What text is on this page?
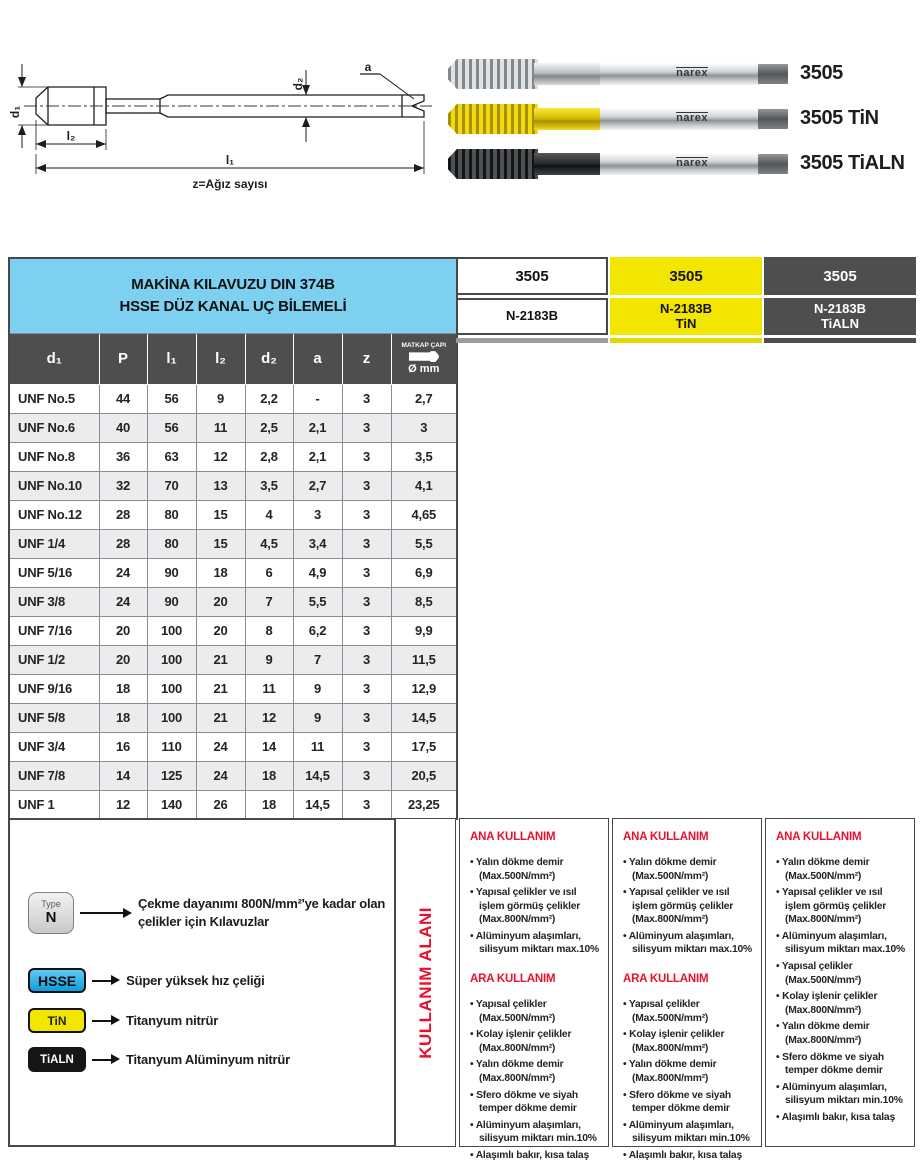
d₁
l₂
l₁
d₂
a
z=Ağız sayısı
narex	3505
narex	3505 TiN
narex	3505 TiALN
MAKİNA KILAVUZU DIN 374B
HSSE DÜZ KANAL UÇ BİLEMELİ							

d₁	P	l₁	l₂	d₂	a	z	MATKAP ÇAPI
Ø mm

UNF No.5	44	56	9	2,2	-	3	2,7
UNF No.6	40	56	11	2,5	2,1	3	3
UNF No.8	36	63	12	2,8	2,1	3	3,5
UNF No.10	32	70	13	3,5	2,7	3	4,1
UNF No.12	28	80	15	4	3	3	4,65
UNF 1/4	28	80	15	4,5	3,4	3	5,5
UNF 5/16	24	90	18	6	4,9	3	6,9
UNF 3/8	24	90	20	7	5,5	3	8,5
UNF 7/16	20	100	20	8	6,2	3	9,9
UNF 1/2	20	100	21	9	7	3	11,5
UNF 9/16	18	100	21	11	9	3	12,9
UNF 5/8	18	100	21	12	9	3	14,5
UNF 3/4	16	110	24	14	11	3	17,5
UNF 7/8	14	125	24	18	14,5	3	20,5
UNF 1	12	140	26	18	14,5	3	23,25
3505
N-2183B
3505
N-2183B
TiN
3505
N-2183B
TiALN
Type
N
Çekme dayanımı 800N/mm²'ye kadar olan çelikler için Kılavuzlar
HSSE	Süper yüksek hız çeliği
TiN	Titanyum nitrür
TiALN	Titanyum Alüminyum nitrür
KULLANIM ALANI
ANA KULLANIM
• Yalın dökme demir (Max.500N/mm²)
• Yapısal çelikler ve ısıl işlem görmüş çelikler (Max.800N/mm²)
• Alüminyum alaşımları, silisyum miktarı max.10%
ARA KULLANIM
• Yapısal çelikler (Max.500N/mm²)
• Kolay işlenir çelikler (Max.800N/mm²)
• Yalın dökme demir (Max.800N/mm²)
• Sfero dökme ve siyah temper dökme demir
• Alüminyum alaşımları, silisyum miktarı min.10%
• Alaşımlı bakır, kısa talaş
ANA KULLANIM
• Yalın dökme demir (Max.500N/mm²)
• Yapısal çelikler ve ısıl işlem görmüş çelikler (Max.800N/mm²)
• Alüminyum alaşımları, silisyum miktarı max.10%
ARA KULLANIM
• Yapısal çelikler (Max.500N/mm²)
• Kolay işlenir çelikler (Max.800N/mm²)
• Yalın dökme demir (Max.800N/mm²)
• Sfero dökme ve siyah temper dökme demir
• Alüminyum alaşımları, silisyum miktarı min.10%
• Alaşımlı bakır, kısa talaş
ANA KULLANIM
• Yalın dökme demir (Max.500N/mm²)
• Yapısal çelikler ve ısıl işlem görmüş çelikler (Max.800N/mm²)
• Alüminyum alaşımları, silisyum miktarı max.10%
• Yapısal çelikler (Max.500N/mm²)
• Kolay işlenir çelikler (Max.800N/mm²)
• Yalın dökme demir (Max.800N/mm²)
• Sfero dökme ve siyah temper dökme demir
• Alüminyum alaşımları, silisyum miktarı min.10%
• Alaşımlı bakır, kısa talaş
